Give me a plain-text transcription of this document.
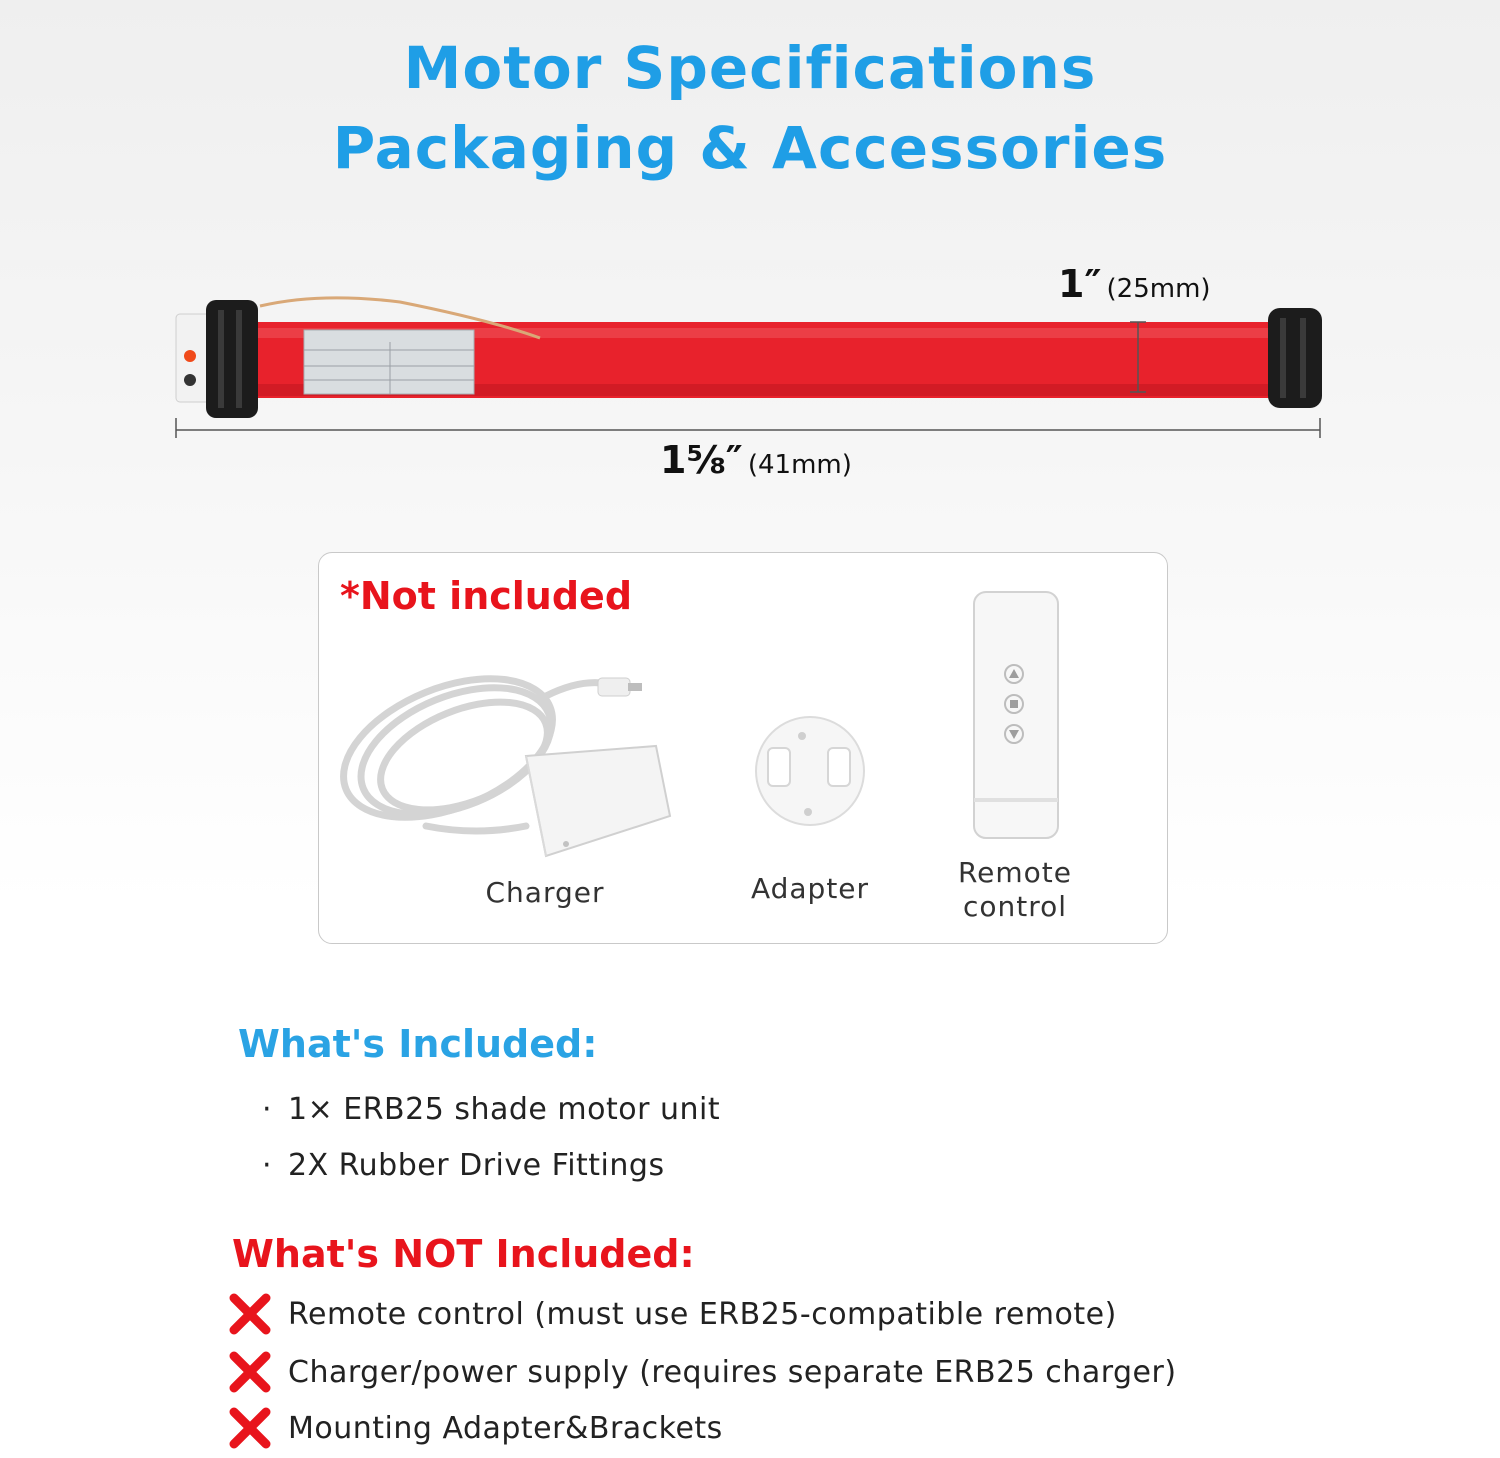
Motor Specifications
Packaging & Accessories
1″ (25mm)
1⅝″ (41mm)
*Not included
Charger	Adapter	Remote
control
What's Included:
· 1× ERB25 shade motor unit
· 2X Rubber Drive Fittings
What's NOT Included:
Remote control (must use ERB25-compatible remote)
Charger/power supply (requires separate ERB25 charger)
Mounting Adapter&Brackets
